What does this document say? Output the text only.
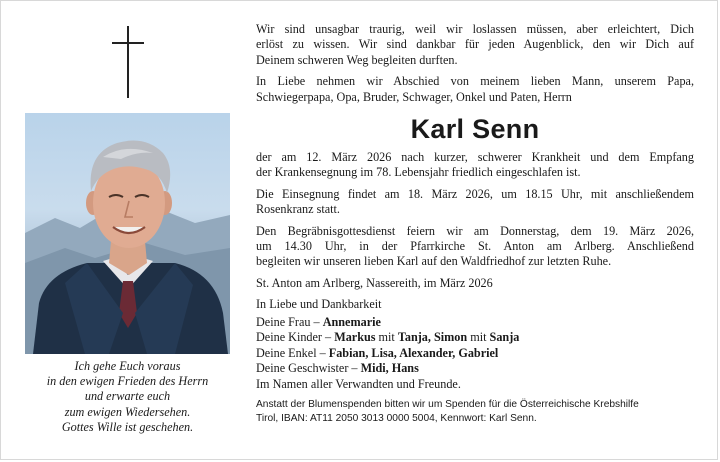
Ich gehe Euch voraus
in den ewigen Frieden des Herrn
und erwarte euch
zum ewigen Wiedersehen.
Gottes Wille ist geschehen.

Wir sind unsagbar traurig, weil wir loslassen müssen, aber erleichtert, Dich
erlöst zu wissen. Wir sind dankbar für jeden Augenblick, den wir Dich auf
Deinem schweren Weg begleiten durften.

In Liebe nehmen wir Abschied von meinem lieben Mann, unserem Papa,
Schwiegerpapa, Opa, Bruder, Schwager, Onkel und Paten, Herrn

Karl Senn

der am 12. März 2026 nach kurzer, schwerer Krankheit und dem Empfang
der Krankensegnung im 78. Lebensjahr friedlich eingeschlafen ist.

Die Einsegnung findet am 18. März 2026, um 18.15 Uhr, mit anschließendem
Rosenkranz statt.

Den Begräbnisgottesdienst feiern wir am Donnerstag, dem 19. März 2026,
um 14.30 Uhr, in der Pfarrkirche St. Anton am Arlberg. Anschließend
begleiten wir unseren lieben Karl auf den Waldfriedhof zur letzten Ruhe.

St. Anton am Arlberg, Nassereith, im März 2026

In Liebe und Dankbarkeit

Deine Frau – Annemarie
Deine Kinder – Markus mit Tanja, Simon mit Sanja
Deine Enkel – Fabian, Lisa, Alexander, Gabriel
Deine Geschwister – Midi, Hans
Im Namen aller Verwandten und Freunde.
Anstatt der Blumenspenden bitten wir um Spenden für die Österreichische Krebshilfe
Tirol, IBAN: AT11 2050 3013 0000 5004, Kennwort: Karl Senn.
